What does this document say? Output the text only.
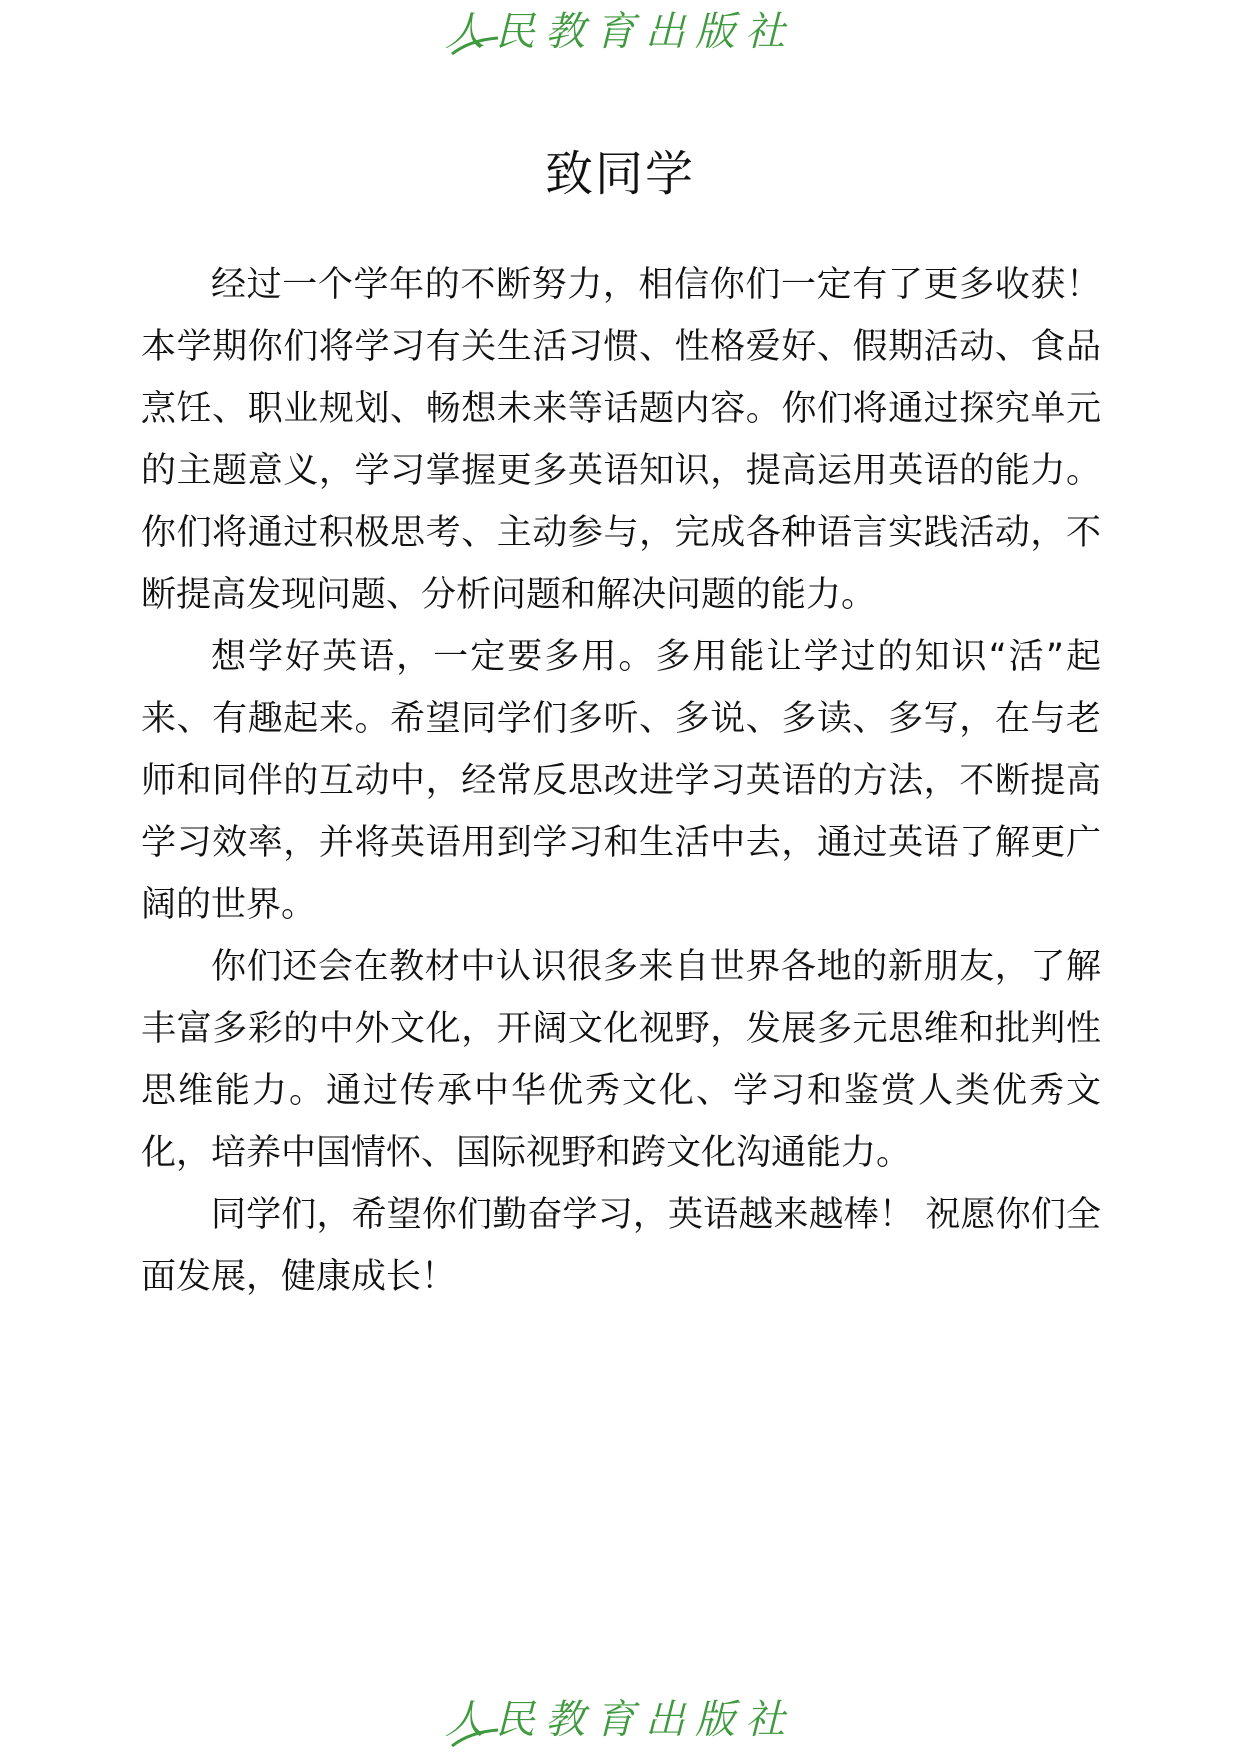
人民教育出版社
致同学

经过一个学年的不断努力，相信你们一定有了更多收获！本学期你们将学习有关生活习惯、性格爱好、假期活动、食品烹饪、职业规划、畅想未来等话题内容。你们将通过探究单元的主题意义，学习掌握更多英语知识，提高运用英语的能力。你们将通过积极思考、主动参与，完成各种语言实践活动，不断提高发现问题、分析问题和解决问题的能力。

想学好英语，一定要多用。多用能让学过的知识“活”起来、有趣起来。希望同学们多听、多说、多读、多写，在与老师和同伴的互动中，经常反思改进学习英语的方法，不断提高学习效率，并将英语用到学习和生活中去，通过英语了解更广阔的世界。

你们还会在教材中认识很多来自世界各地的新朋友，了解丰富多彩的中外文化，开阔文化视野，发展多元思维和批判性思维能力。通过传承中华优秀文化、学习和鉴赏人类优秀文化，培养中国情怀、国际视野和跨文化沟通能力。

同学们，希望你们勤奋学习，英语越来越棒！ 祝愿你们全面发展，健康成长！

人民教育出版社
